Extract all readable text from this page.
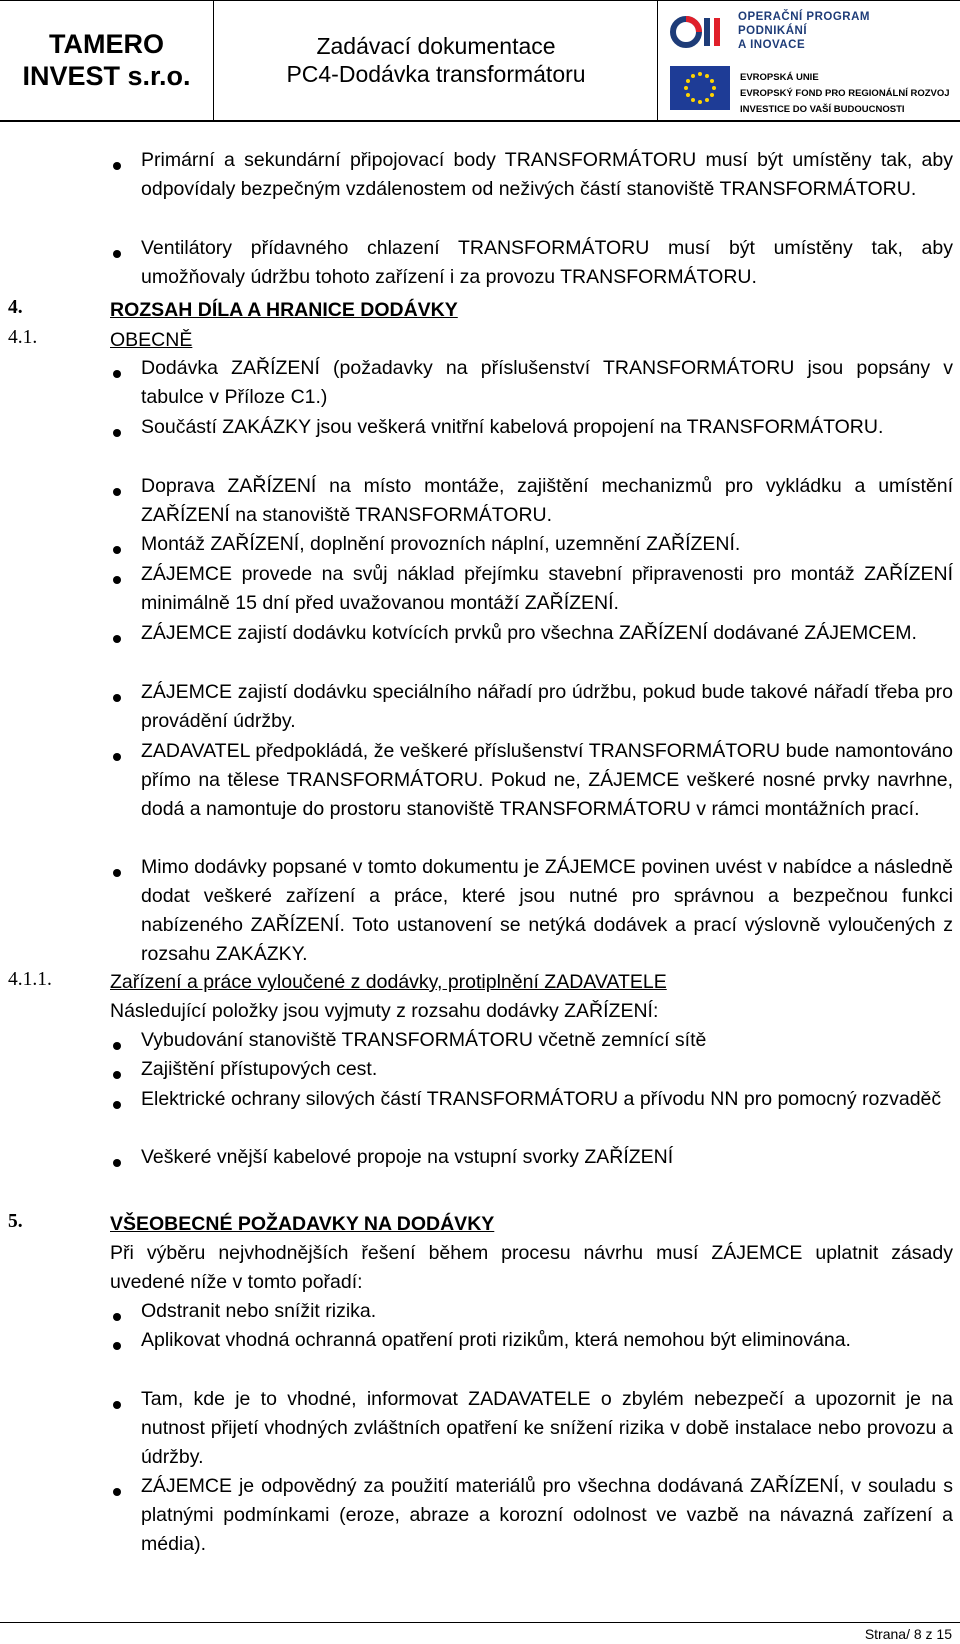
TAMERO
INVEST s.r.o.
Zadávací dokumentace
PC4-Dodávka transformátoru
OPERAČNÍ PROGRAM
PODNIKÁNÍ
A INOVACE
EVROPSKÁ UNIE
EVROPSKÝ FOND PRO REGIONÁLNÍ ROZVOJ
INVESTICE DO VAŠÍ BUDOUCNOSTI
Primární a sekundární připojovací body TRANSFORMÁTORU musí být umístěny tak, aby odpovídaly bezpečným vzdálenostem od neživých částí stanoviště TRANSFORMÁTORU.
Ventilátory přídavného chlazení TRANSFORMÁTORU musí být umístěny tak, aby umožňovaly údržbu tohoto zařízení i za provozu TRANSFORMÁTORU.
4.	ROZSAH DÍLA A HRANICE DODÁVKY
4.1.	OBECNĚ
Dodávka ZAŘÍZENÍ (požadavky na příslušenství TRANSFORMÁTORU jsou popsány v tabulce v Příloze C1.)
Součástí ZAKÁZKY jsou veškerá vnitřní kabelová propojení na TRANSFORMÁTORU.
Doprava ZAŘÍZENÍ na místo montáže, zajištění mechanizmů pro vykládku a umístění ZAŘÍZENÍ na stanoviště TRANSFORMÁTORU.
Montáž ZAŘÍZENÍ, doplnění provozních náplní, uzemnění ZAŘÍZENÍ.
ZÁJEMCE provede na svůj náklad přejímku stavební připravenosti pro montáž ZAŘÍZENÍ minimálně 15 dní před uvažovanou montáží ZAŘÍZENÍ.
ZÁJEMCE zajistí dodávku kotvících prvků pro všechna ZAŘÍZENÍ dodávané ZÁJEMCEM.
ZÁJEMCE zajistí dodávku speciálního nářadí pro údržbu, pokud bude takové nářadí třeba pro provádění údržby.
ZADAVATEL předpokládá, že veškeré příslušenství TRANSFORMÁTORU bude namontováno přímo na tělese TRANSFORMÁTORU. Pokud ne, ZÁJEMCE veškeré nosné prvky navrhne, dodá a namontuje do prostoru stanoviště TRANSFORMÁTORU v rámci montážních prací.
Mimo dodávky popsané v tomto dokumentu je ZÁJEMCE povinen uvést v nabídce a následně dodat veškeré zařízení a práce, které jsou nutné pro správnou a bezpečnou funkci nabízeného ZAŘÍZENÍ. Toto ustanovení se netýká dodávek a prací výslovně vyloučených z rozsahu ZAKÁZKY.
4.1.1.	Zařízení a práce vyloučené z dodávky, protiplnění ZADAVATELE
Následující položky jsou vyjmuty z rozsahu dodávky ZAŘÍZENÍ:
Vybudování stanoviště TRANSFORMÁTORU včetně zemnící sítě
Zajištění přístupových cest.
Elektrické ochrany silových částí TRANSFORMÁTORU a přívodu NN pro pomocný rozvaděč
Veškeré vnější kabelové propoje na vstupní svorky ZAŘÍZENÍ
5.	VŠEOBECNÉ POŽADAVKY NA DODÁVKY
Při výběru nejvhodnějších řešení během procesu návrhu musí ZÁJEMCE uplatnit zásady uvedené níže v tomto pořadí:
Odstranit nebo snížit rizika.
Aplikovat vhodná ochranná opatření proti rizikům, která nemohou být eliminována.
Tam, kde je to vhodné, informovat ZADAVATELE o zbylém nebezpečí a upozornit je na nutnost přijetí vhodných zvláštních opatření ke snížení rizika v době instalace nebo provozu a údržby.
ZÁJEMCE je odpovědný za použití materiálů pro všechna dodávaná ZAŘÍZENÍ, v souladu s platnými podmínkami (eroze, abraze a korozní odolnost ve vazbě na návazná zařízení a média).
Strana/ 8 z 15
